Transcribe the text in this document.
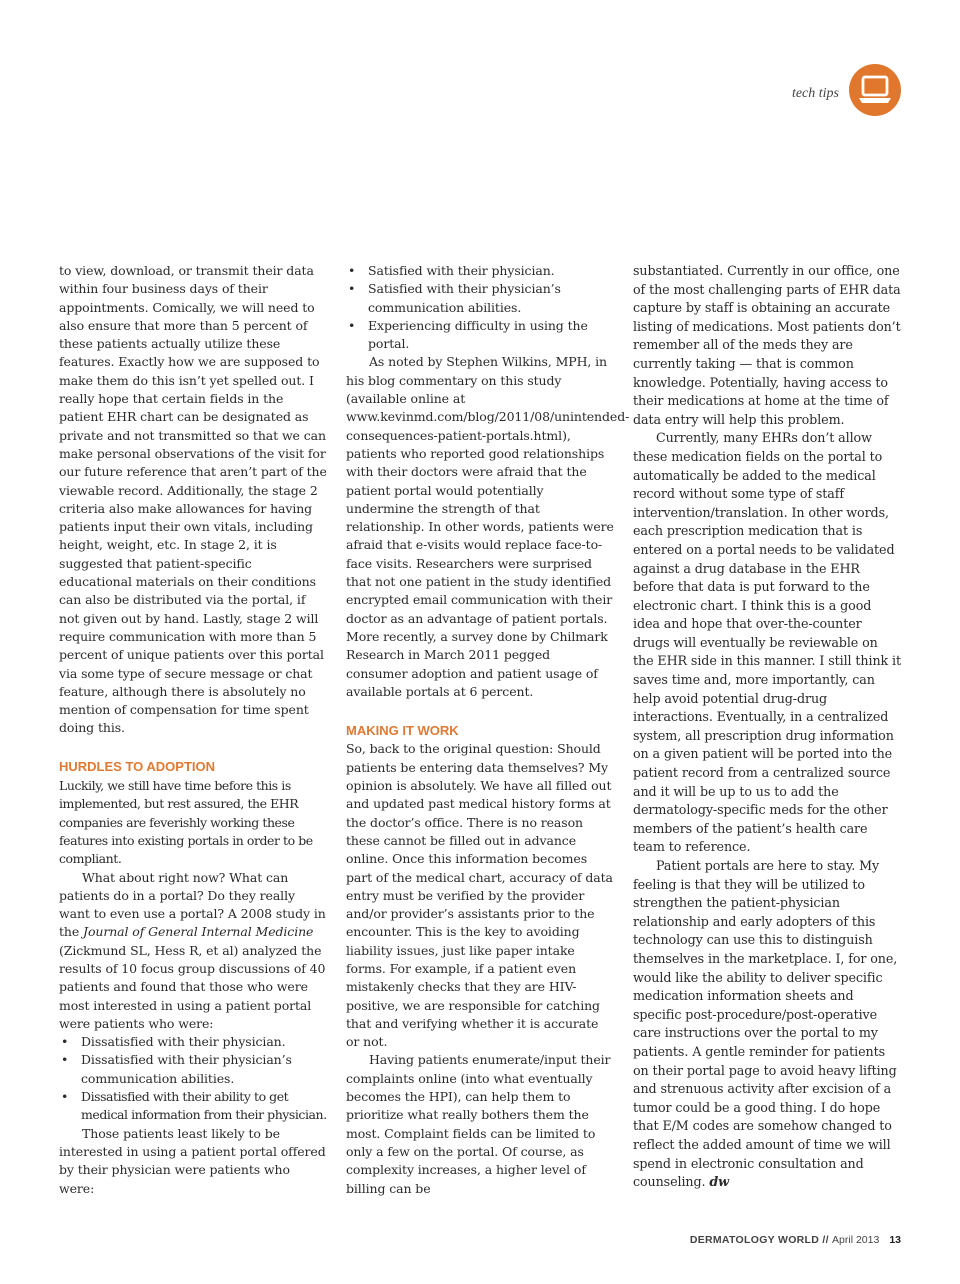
tech tips

to view, download, or transmit their data within four business days of their appointments. Comically, we will need to also ensure that more than 5 percent of these patients actually utilize these features. Exactly how we are supposed to make them do this isn’t yet spelled out. I really hope that certain fields in the patient EHR chart can be designated as private and not transmitted so that we can make personal observations of the visit for our future reference that aren’t part of the viewable record. Additionally, the stage 2 criteria also make allowances for having patients input their own vitals, including height, weight, etc. In stage 2, it is suggested that patient-specific educational materials on their conditions can also be distributed via the portal, if not given out by hand. Lastly, stage 2 will require communication with more than 5 percent of unique patients over this portal via some type of secure message or chat feature, although there is absolutely no mention of compensation for time spent doing this.

HURDLES TO ADOPTION

Luckily, we still have time before this is implemented, but rest assured, the EHR companies are feverishly working these features into existing portals in order to be compliant.

What about right now? What can patients do in a portal? Do they really want to even use a portal? A 2008 study in the Journal of General Internal Medicine (Zickmund SL, Hess R, et al) analyzed the results of 10 focus group discussions of 40 patients and found that those who were most interested in using a patient portal were patients who were:

• Dissatisfied with their physician.
• Dissatisfied with their physician’s communication abilities.
• Dissatisfied with their ability to get medical information from their physician.

Those patients least likely to be interested in using a patient portal offered by their physician were patients who were:

• Satisfied with their physician.
• Satisfied with their physician’s communication abilities.
• Experiencing difficulty in using the portal.

As noted by Stephen Wilkins, MPH, in his blog commentary on this study (available online at www.kevinmd.com/blog/2011/08/unintended-consequences-patient-portals.html), patients who reported good relationships with their doctors were afraid that the patient portal would potentially undermine the strength of that relationship. In other words, patients were afraid that e-visits would replace face-to-face visits. Researchers were surprised that not one patient in the study identified encrypted email communication with their doctor as an advantage of patient portals. More recently, a survey done by Chilmark Research in March 2011 pegged consumer adoption and patient usage of available portals at 6 percent.

MAKING IT WORK

So, back to the original question: Should patients be entering data themselves? My opinion is absolutely. We have all filled out and updated past medical history forms at the doctor’s office. There is no reason these cannot be filled out in advance online. Once this information becomes part of the medical chart, accuracy of data entry must be verified by the provider and/or provider’s assistants prior to the encounter. This is the key to avoiding liability issues, just like paper intake forms. For example, if a patient even mistakenly checks that they are HIV-positive, we are responsible for catching that and verifying whether it is accurate or not.

Having patients enumerate/input their complaints online (into what eventually becomes the HPI), can help them to prioritize what really bothers them the most. Complaint fields can be limited to only a few on the portal. Of course, as complexity increases, a higher level of billing can be

substantiated. Currently in our office, one of the most challenging parts of EHR data capture by staff is obtaining an accurate listing of medications. Most patients don’t remember all of the meds they are currently taking — that is common knowledge. Potentially, having access to their medications at home at the time of data entry will help this problem.

Currently, many EHRs don’t allow these medication fields on the portal to automatically be added to the medical record without some type of staff intervention/translation. In other words, each prescription medication that is entered on a portal needs to be validated against a drug database in the EHR before that data is put forward to the electronic chart. I think this is a good idea and hope that over-the-counter drugs will eventually be reviewable on the EHR side in this manner. I still think it saves time and, more importantly, can help avoid potential drug-drug interactions. Eventually, in a centralized system, all prescription drug information on a given patient will be ported into the patient record from a centralized source and it will be up to us to add the dermatology-specific meds for the other members of the patient’s health care team to reference.

Patient portals are here to stay. My feeling is that they will be utilized to strengthen the patient-physician relationship and early adopters of this technology can use this to distinguish themselves in the marketplace. I, for one, would like the ability to deliver specific medication information sheets and specific post-procedure/post-operative care instructions over the portal to my patients. A gentle reminder for patients on their portal page to avoid heavy lifting and strenuous activity after excision of a tumor could be a good thing. I do hope that E/M codes are somehow changed to reflect the added amount of time we will spend in electronic consultation and counseling. dw

DERMATOLOGY WORLD // April 2013 13
